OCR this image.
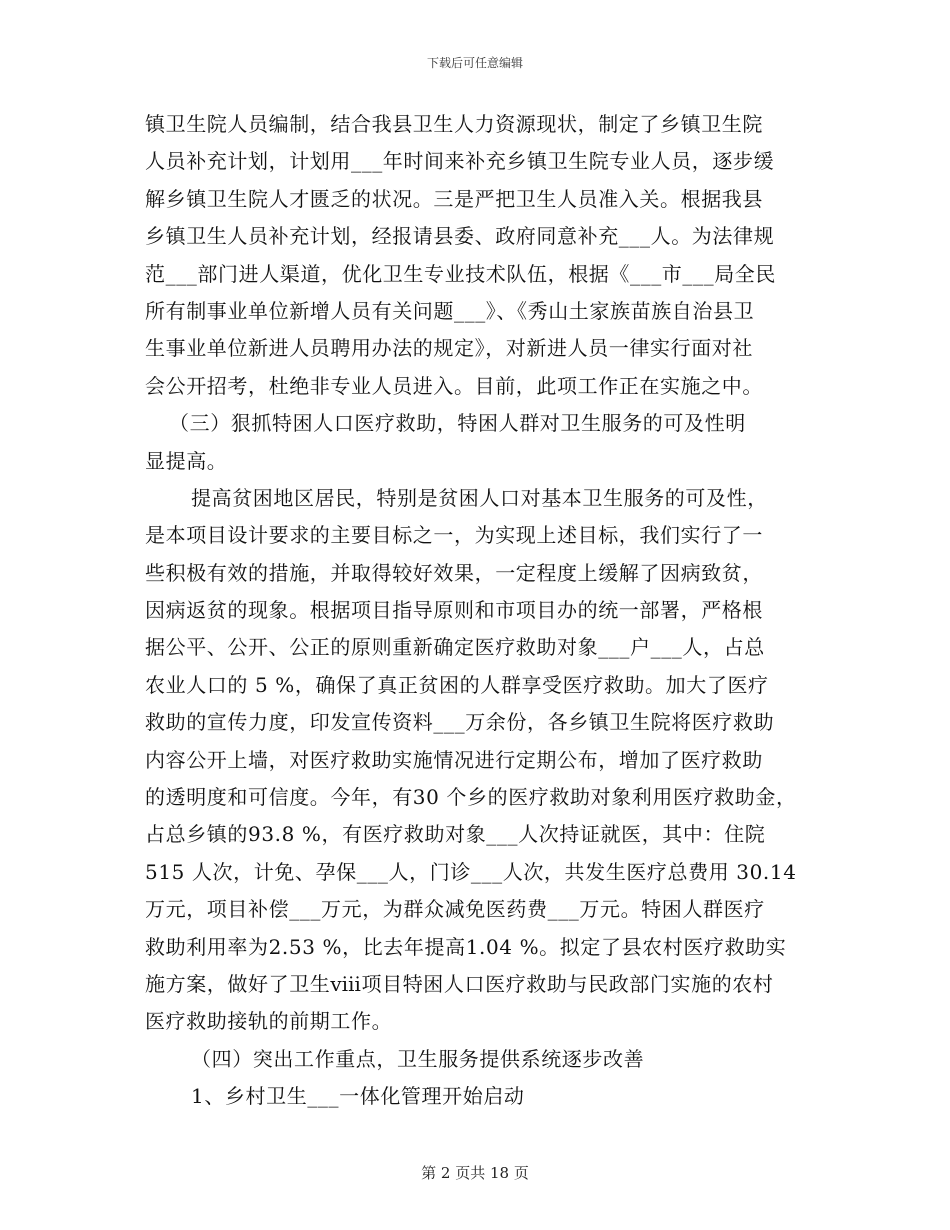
下载后可任意编辑
镇卫生院人员编制，结合我县卫生人力资源现状，制定了乡镇卫生院
人员补充计划，计划用___年时间来补充乡镇卫生院专业人员，逐步缓
解乡镇卫生院人才匮乏的状况。三是严把卫生人员准入关。根据我县
乡镇卫生人员补充计划，经报请县委、政府同意补充___人。为法律规
范___部门进人渠道，优化卫生专业技术队伍，根据《___市___局全民
所有制事业单位新增人员有关问题___》、《秀山土家族苗族自治县卫
生事业单位新进人员聘用办法的规定》，对新进人员一律实行面对社
会公开招考，杜绝非专业人员进入。目前，此项工作正在实施之中。
（三）狠抓特困人口医疗救助，特困人群对卫生服务的可及性明
显提高。
提高贫困地区居民，特别是贫困人口对基本卫生服务的可及性，
是本项目设计要求的主要目标之一，为实现上述目标，我们实行了一
些积极有效的措施，并取得较好效果，一定程度上缓解了因病致贫，
因病返贫的现象。根据项目指导原则和市项目办的统一部署，严格根
据公平、公开、公正的原则重新确定医疗救助对象___户___人，占总
农业人口的 5 %，确保了真正贫困的人群享受医疗救助。加大了医疗
救助的宣传力度，印发宣传资料___万余份，各乡镇卫生院将医疗救助
内容公开上墙，对医疗救助实施情况进行定期公布，增加了医疗救助
的透明度和可信度。今年，有30 个乡的医疗救助对象利用医疗救助金，
占总乡镇的93.8 %，有医疗救助对象___人次持证就医，其中：住院
515 人次，计免、孕保___人，门诊___人次，共发生医疗总费用 30.14
万元，项目补偿___万元，为群众减免医药费___万元。特困人群医疗
救助利用率为2.53 %，比去年提高1.04 %。拟定了县农村医疗救助实
施方案，做好了卫生ⅷ项目特困人口医疗救助与民政部门实施的农村
医疗救助接轨的前期工作。
（四）突出工作重点，卫生服务提供系统逐步改善
1、乡村卫生___一体化管理开始启动
第 2 页共 18 页
